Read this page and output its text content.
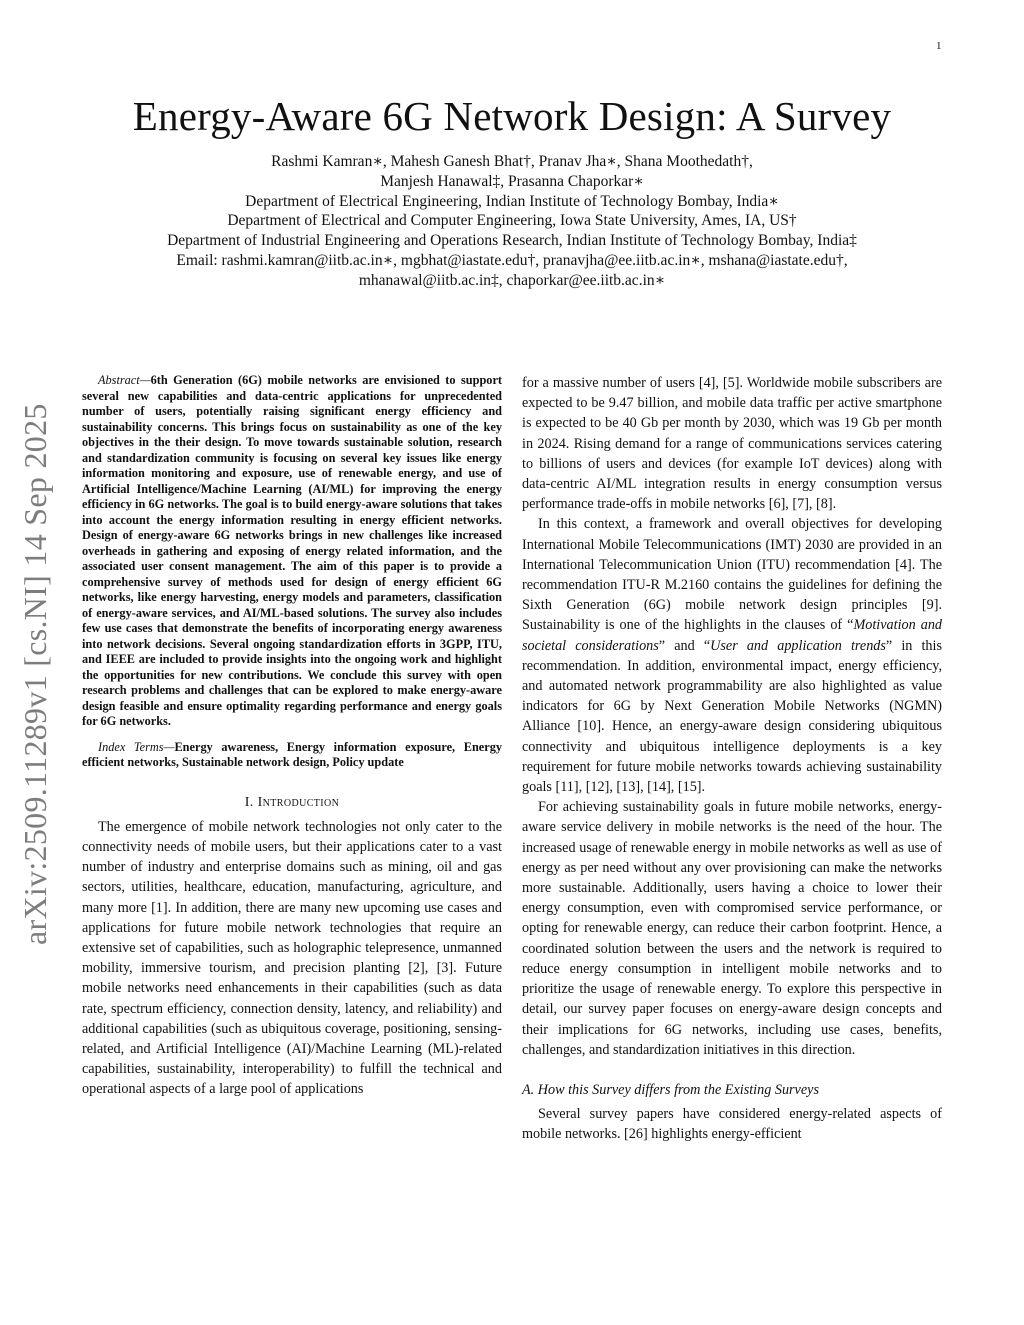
1
Energy-Aware 6G Network Design: A Survey
Rashmi Kamran∗, Mahesh Ganesh Bhat†, Pranav Jha∗, Shana Moothedath†,
Manjesh Hanawal‡, Prasanna Chaporkar∗
Department of Electrical Engineering, Indian Institute of Technology Bombay, India∗
Department of Electrical and Computer Engineering, Iowa State University, Ames, IA, US†
Department of Industrial Engineering and Operations Research, Indian Institute of Technology Bombay, India‡
Email: rashmi.kamran@iitb.ac.in∗, mgbhat@iastate.edu†, pranavjha@ee.iitb.ac.in∗, mshana@iastate.edu†,
mhanawal@iitb.ac.in‡, chaporkar@ee.iitb.ac.in∗
arXiv:2509.11289v1 [cs.NI] 14 Sep 2025

Abstract—6th Generation (6G) mobile networks are envisioned to support several new capabilities and data-centric applications for unprecedented number of users, potentially raising significant energy efficiency and sustainability concerns. This brings focus on sustainability as one of the key objectives in the their design. To move towards sustainable solution, research and standardization community is focusing on several key issues like energy information monitoring and exposure, use of renewable energy, and use of Artificial Intelligence/Machine Learning (AI/ML) for improving the energy efficiency in 6G networks. The goal is to build energy-aware solutions that takes into account the energy information resulting in energy efficient networks. Design of energy-aware 6G networks brings in new challenges like increased overheads in gathering and exposing of energy related information, and the associated user consent management. The aim of this paper is to provide a comprehensive survey of methods used for design of energy efficient 6G networks, like energy harvesting, energy models and parameters, classification of energy-aware services, and AI/ML-based solutions. The survey also includes few use cases that demonstrate the benefits of incorporating energy awareness into network decisions. Several ongoing standardization efforts in 3GPP, ITU, and IEEE are included to provide insights into the ongoing work and highlight the opportunities for new contributions. We conclude this survey with open research problems and challenges that can be explored to make energy-aware design feasible and ensure optimality regarding performance and energy goals for 6G networks.

Index Terms—Energy awareness, Energy information exposure, Energy efficient networks, Sustainable network design, Policy update

I. Introduction

The emergence of mobile network technologies not only cater to the connectivity needs of mobile users, but their applications cater to a vast number of industry and enterprise domains such as mining, oil and gas sectors, utilities, healthcare, education, manufacturing, agriculture, and many more [1]. In addition, there are many new upcoming use cases and applications for future mobile network technologies that require an extensive set of capabilities, such as holographic telepresence, unmanned mobility, immersive tourism, and precision planting [2], [3]. Future mobile networks need enhancements in their capabilities (such as data rate, spectrum efficiency, connection density, latency, and reliability) and additional capabilities (such as ubiquitous coverage, positioning, sensing-related, and Artificial Intelligence (AI)/Machine Learning (ML)-related capabilities, sustainability, interoperability) to fulfill the technical and operational aspects of a large pool of applications

for a massive number of users [4], [5]. Worldwide mobile subscribers are expected to be 9.47 billion, and mobile data traffic per active smartphone is expected to be 40 Gb per month by 2030, which was 19 Gb per month in 2024. Rising demand for a range of communications services catering to billions of users and devices (for example IoT devices) along with data-centric AI/ML integration results in energy consumption versus performance trade-offs in mobile networks [6], [7], [8].

In this context, a framework and overall objectives for developing International Mobile Telecommunications (IMT) 2030 are provided in an International Telecommunication Union (ITU) recommendation [4]. The recommendation ITU-R M.2160 contains the guidelines for defining the Sixth Generation (6G) mobile network design principles [9]. Sustainability is one of the highlights in the clauses of “Motivation and societal considerations” and “User and application trends” in this recommendation. In addition, environmental impact, energy efficiency, and automated network programmability are also highlighted as value indicators for 6G by Next Generation Mobile Networks (NGMN) Alliance [10]. Hence, an energy-aware design considering ubiquitous connectivity and ubiquitous intelligence deployments is a key requirement for future mobile networks towards achieving sustainability goals [11], [12], [13], [14], [15].

For achieving sustainability goals in future mobile networks, energy-aware service delivery in mobile networks is the need of the hour. The increased usage of renewable energy in mobile networks as well as use of energy as per need without any over provisioning can make the networks more sustainable. Additionally, users having a choice to lower their energy consumption, even with compromised service performance, or opting for renewable energy, can reduce their carbon footprint. Hence, a coordinated solution between the users and the network is required to reduce energy consumption in intelligent mobile networks and to prioritize the usage of renewable energy. To explore this perspective in detail, our survey paper focuses on energy-aware design concepts and their implications for 6G networks, including use cases, benefits, challenges, and standardization initiatives in this direction.

A. How this Survey differs from the Existing Surveys

Several survey papers have considered energy-related aspects of mobile networks. [26] highlights energy-efficient
